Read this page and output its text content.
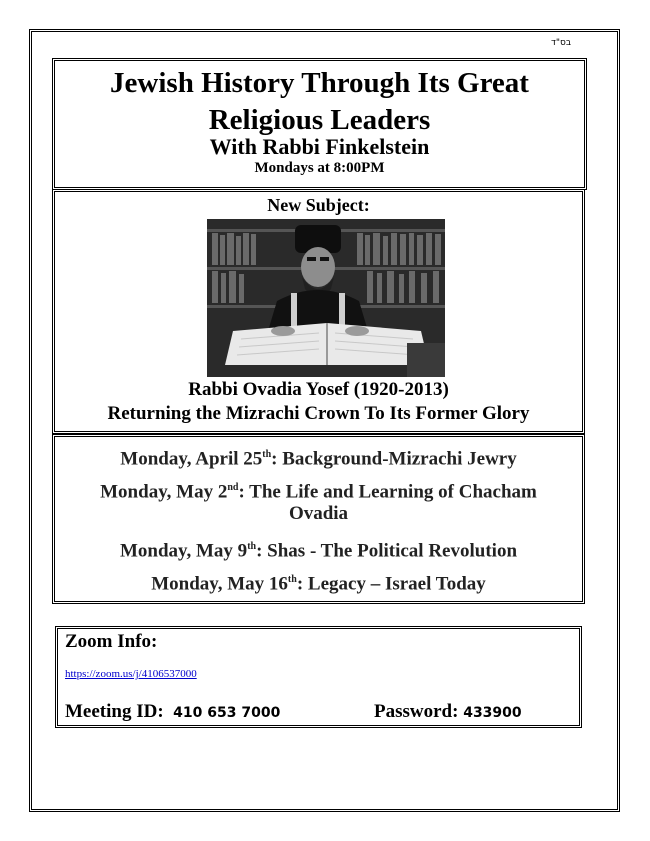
בס"ד
Jewish History Through Its Great
Religious Leaders
With Rabbi Finkelstein
Mondays at 8:00PM
New Subject:
Rabbi Ovadia Yosef (1920-2013)
Returning the Mizrachi Crown To Its Former Glory
Monday, April 25th: Background-Mizrachi Jewry
Monday, May 2nd: The Life and Learning of Chacham Ovadia
Monday, May 9th: Shas - The Political Revolution
Monday, May 16th: Legacy – Israel Today
Zoom Info:
https://zoom.us/j/4106537000
Meeting ID: 410 653 7000	Password: 433900
